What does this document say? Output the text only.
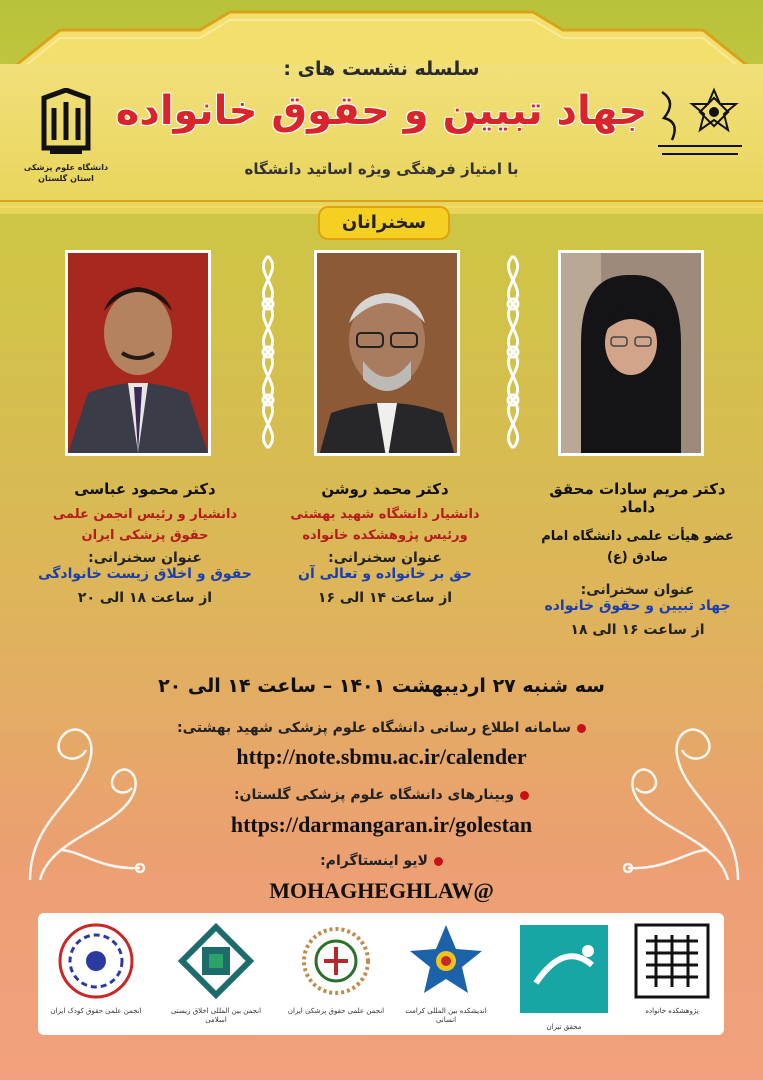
سلسله نشست های :
جهاد تبیین و حقوق خانواده
با امتیاز فرهنگی ویژه اساتید دانشگاه
دانشگاه علوم پزشکی استان گلستان
سخنرانان
دکتر مریم سادات محقق داماد
عضو هیأت علمی دانشگاه امام صادق (ع)
عنوان سخنرانی:
جهاد تبیین و حقوق خانواده
از ساعت ۱۶ الی ۱۸
دکتر محمد روشن
دانشیار دانشگاه شهید بهشتی
ورئیس پژوهشکده خانواده
عنوان سخنرانی:
حق بر خانواده و تعالی آن
از ساعت ۱۴ الی ۱۶
دکتر محمود عباسی
دانشیار و رئیس انجمن علمی
حقوق پزشکی ایران
عنوان سخنرانی:
حقوق و اخلاق زیست خانوادگی
از ساعت ۱۸ الی ۲۰
سه شنبه ۲۷ اردیبهشت ۱۴۰۱ – ساعت ۱۴ الی ۲۰
سامانه اطلاع رسانی دانشگاه علوم پزشکی شهید بهشتی:
http://note.sbmu.ac.ir/calender
وبینارهای دانشگاه علوم پزشکی گلستان:
https://darmangaran.ir/golestan
لایو اینستاگرام:
MOHAGHEGHLAW@
انجمن علمی حقوق کودک ایران	انجمن بین المللی اخلاق زیستی اسلامی
انجمن علمی حقوق پزشکی ایران	اندیشکده بین المللی کرامت انسانی
محقق تیران
پژوهشکده خانواده
